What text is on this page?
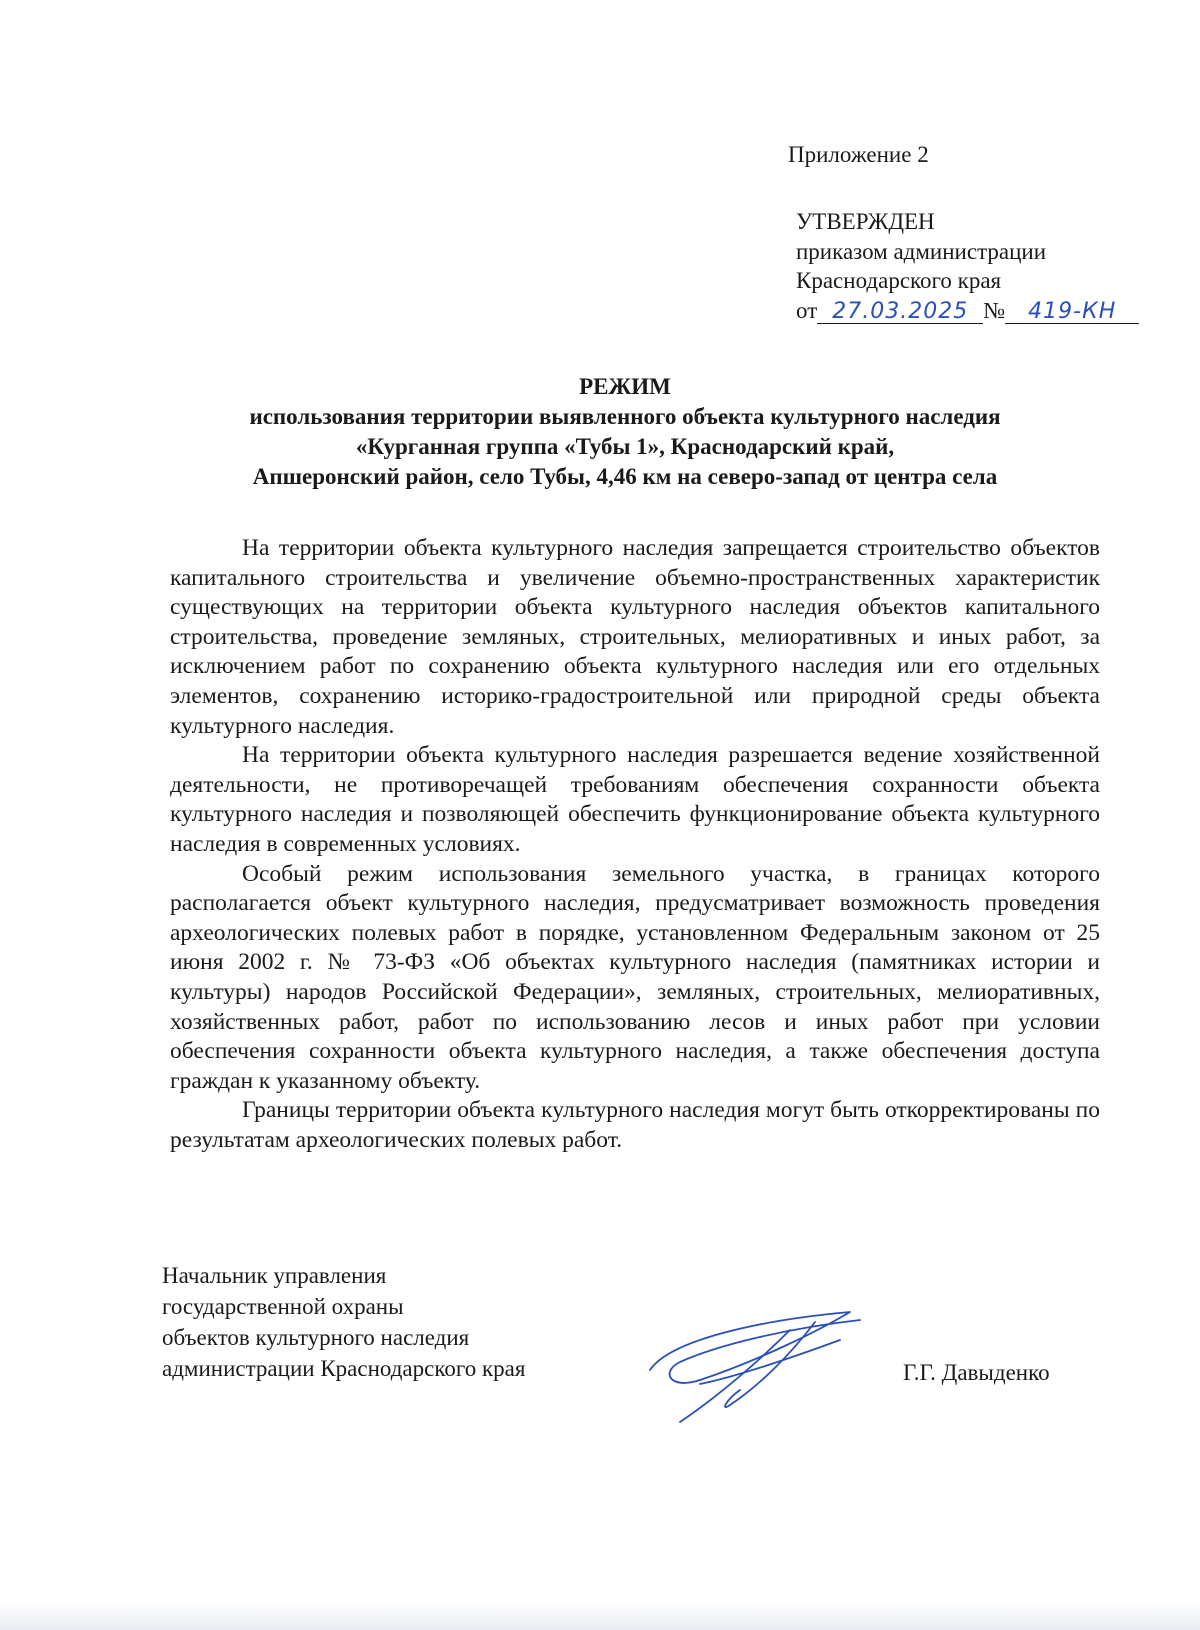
Приложение 2
УТВЕРЖДЕН
приказом администрации
Краснодарского края
от 27.03.2025 № 419-КН
РЕЖИМ
использования территории выявленного объекта культурного наследия
«Курганная группа «Тубы 1», Краснодарский край,
Апшеронский район, село Тубы, 4,46 км на северо-запад от центра села

На территории объекта культурного наследия запрещается строительство объектов капитального строительства и увеличение объемно-пространственных характеристик существующих на территории объекта культурного наследия объектов капитального строительства, проведение земляных, строительных, мелиоративных и иных работ, за исключением работ по сохранению объекта культурного наследия или его отдельных элементов, сохранению историко-градостроительной или природной среды объекта культурного наследия.

На территории объекта культурного наследия разрешается ведение хозяйственной деятельности, не противоречащей требованиям обеспечения сохранности объекта культурного наследия и позволяющей обеспечить функционирование объекта культурного наследия в современных условиях.

Особый режим использования земельного участка, в границах которого располагается объект культурного наследия, предусматривает возможность проведения археологических полевых работ в порядке, установленном Федеральным законом от 25 июня 2002 г. № 73-ФЗ «Об объектах культурного наследия (памятниках истории и культуры) народов Российской Федерации», земляных, строительных, мелиоративных, хозяйственных работ, работ по использованию лесов и иных работ при условии обеспечения сохранности объекта культурного наследия, а также обеспечения доступа граждан к указанному объекту.

Границы территории объекта культурного наследия могут быть откорректированы по результатам археологических полевых работ.

Начальник управления
государственной охраны
объектов культурного наследия
администрации Краснодарского края	Г.Г. Давыденко
